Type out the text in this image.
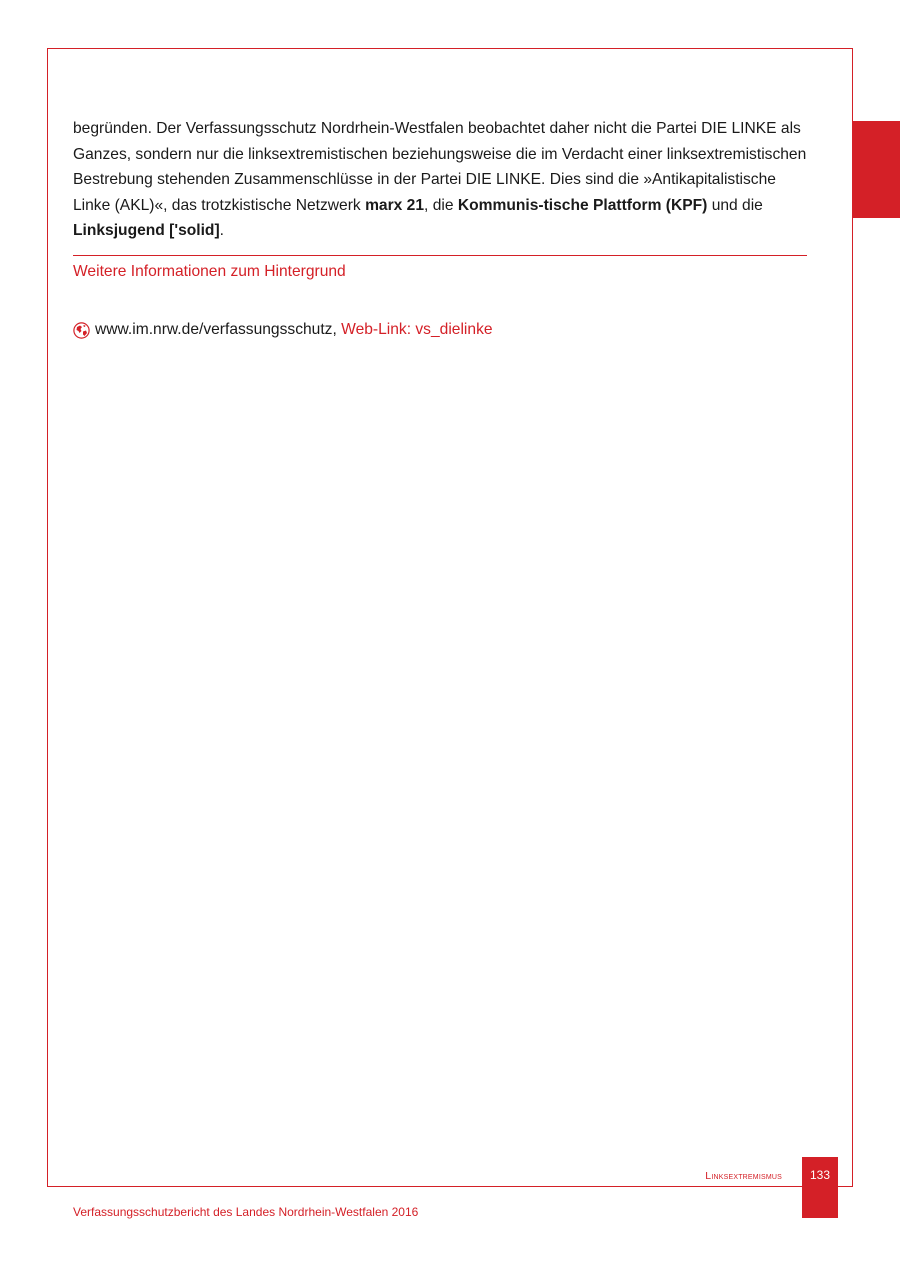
begründen. Der Verfassungsschutz Nordrhein-Westfalen beobachtet daher nicht die Partei DIE LINKE als Ganzes, sondern nur die linksextremistischen beziehungsweise die im Verdacht einer linksextremistischen Bestrebung stehenden Zusammenschlüsse in der Partei DIE LINKE. Dies sind die »Antikapitalistische Linke (AKL)«, das trotzkistische Netzwerk marx 21, die Kommunis-tische Plattform (KPF) und die Linksjugend ['solid].

Weitere Informationen zum Hintergrund

www.im.nrw.de/verfassungsschutz,
Web-Link: vs_dielinke
Linksextremismus	133
Verfassungsschutzbericht des Landes Nordrhein-Westfalen 2016
